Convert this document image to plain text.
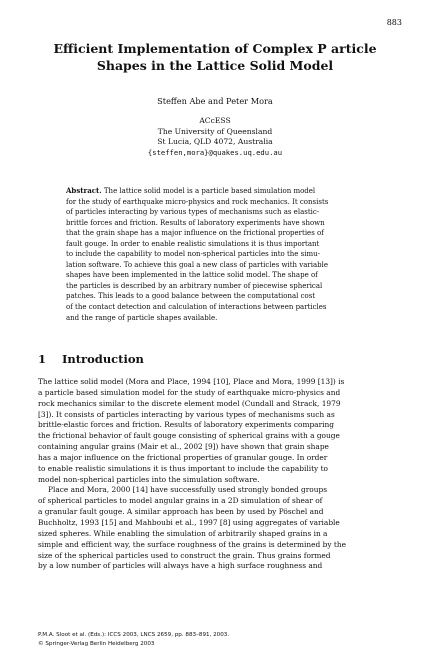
883
Efficient Implementation of Complex P article
Shapes in the Lattice Solid Model
Steffen Abe and Peter Mora
ACcESS
The University of Queensland
St Lucia, QLD 4072, Australia
{steffen,mora}@quakes.uq.edu.au
Abstract. The lattice solid model is a particle based simulation model
for the study of earthquake micro-physics and rock mechanics. It consists
of particles interacting by various types of mechanisms such as elastic-
brittle forces and friction. Results of laboratory experiments have shown
that the grain shape has a major influence on the frictional properties of
fault gouge. In order to enable realistic simulations it is thus important
to include the capability to model non-spherical particles into the simu-
lation software. To achieve this goal a new class of particles with variable
shapes have been implemented in the lattice solid model. The shape of
the particles is described by an arbitrary number of piecewise spherical
patches. This leads to a good balance between the computational cost
of the contact detection and calculation of interactions between particles
and the range of particle shapes available.
1 Introduction
The lattice solid model (Mora and Place, 1994 [10], Place and Mora, 1999 [13]) is
a particle based simulation model for the study of earthquake micro-physics and
rock mechanics similar to the discrete element model (Cundall and Strack, 1979
[3]). It consists of particles interacting by various types of mechanisms such as
brittle-elastic forces and friction. Results of laboratory experiments comparing
the frictional behavior of fault gouge consisting of spherical grains with a gouge
containing angular grains (Mair et al., 2002 [9]) have shown that grain shape
has a major influence on the frictional properties of granular gouge. In order
to enable realistic simulations it is thus important to include the capability to
model non-spherical particles into the simulation software.
Place and Mora, 2000 [14] have successfully used strongly bonded groups
of spherical particles to model angular grains in a 2D simulation of shear of
a granular fault gouge. A similar approach has been by used by Pöschel and
Buchholtz, 1993 [15] and Mahboubi et al., 1997 [8] using aggregates of variable
sized spheres. While enabling the simulation of arbitrarily shaped grains in a
simple and efficient way, the surface roughness of the grains is determined by the
size of the spherical particles used to construct the grain. Thus grains formed
by a low number of particles will always have a high surface roughness and
P.M.A. Sloot et al. (Eds.): ICCS 2003, LNCS 2659, pp. 883–891, 2003.
© Springer-Verlag Berlin Heidelberg 2003
